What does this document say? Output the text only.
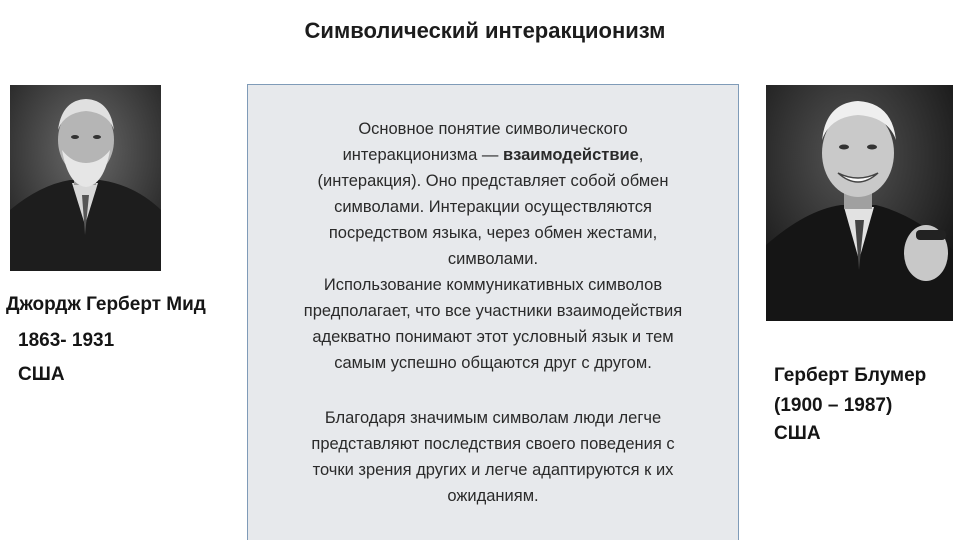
Символический интеракционизм
Джордж Герберт Мид
1863- 1931
США

Основное понятие символического
интеракционизма — взаимодействие,
(интеракция). Оно представляет собой обмен
символами. Интеракции осуществляются
посредством языка, через обмен жестами,
символами.

Использование коммуникативных символов
предполагает, что все участники взаимодействия
адекватно понимают этот условный язык и тем
самым успешно общаются друг с другом.

Благодаря значимым символам люди легче
представляют последствия своего поведения с
точки зрения других и легче адаптируются к их
ожиданиям.

Герберт Блумер
(1900 – 1987)
США
